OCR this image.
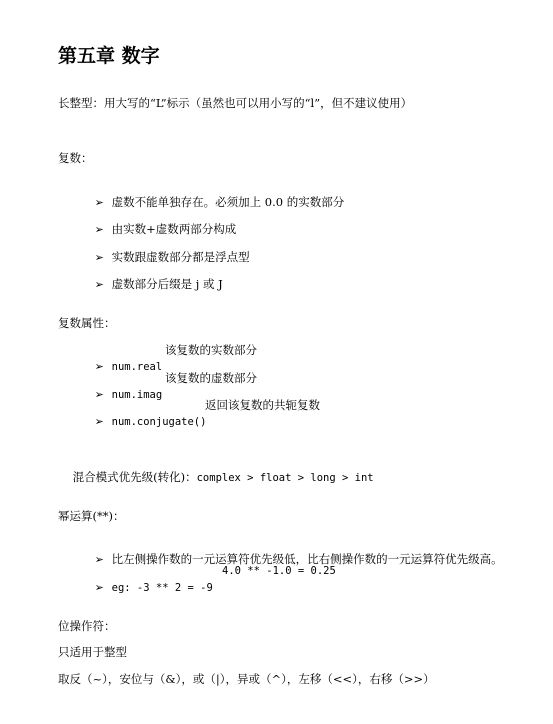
第五章 数字
长整型：用大写的“L”标示（虽然也可以用小写的“l”，但不建议使用）
复数：

➢ 虚数不能单独存在。必须加上 0.0 的实数部分

➢ 由实数+虚数两部分构成

➢ 实数跟虚数部分都是浮点型

➢ 虚数部分后缀是 j 或 J

复数属性：

➢ num.real
该复数的实数部分

➢ num.imag
该复数的虚数部分

➢ num.conjugate()
返回该复数的共轭复数

混合模式优先级(转化)：complex > float > long > int

幂运算(**)：

➢ 比左侧操作数的一元运算符优先级低，比右侧操作数的一元运算符优先级高。

➢ eg: -3 ** 2 = -9
4.0 ** -1.0 = 0.25

位操作符：
只适用于整型
取反（~），安位与（&），或（|），异或（^），左移（<<），右移（>>）
